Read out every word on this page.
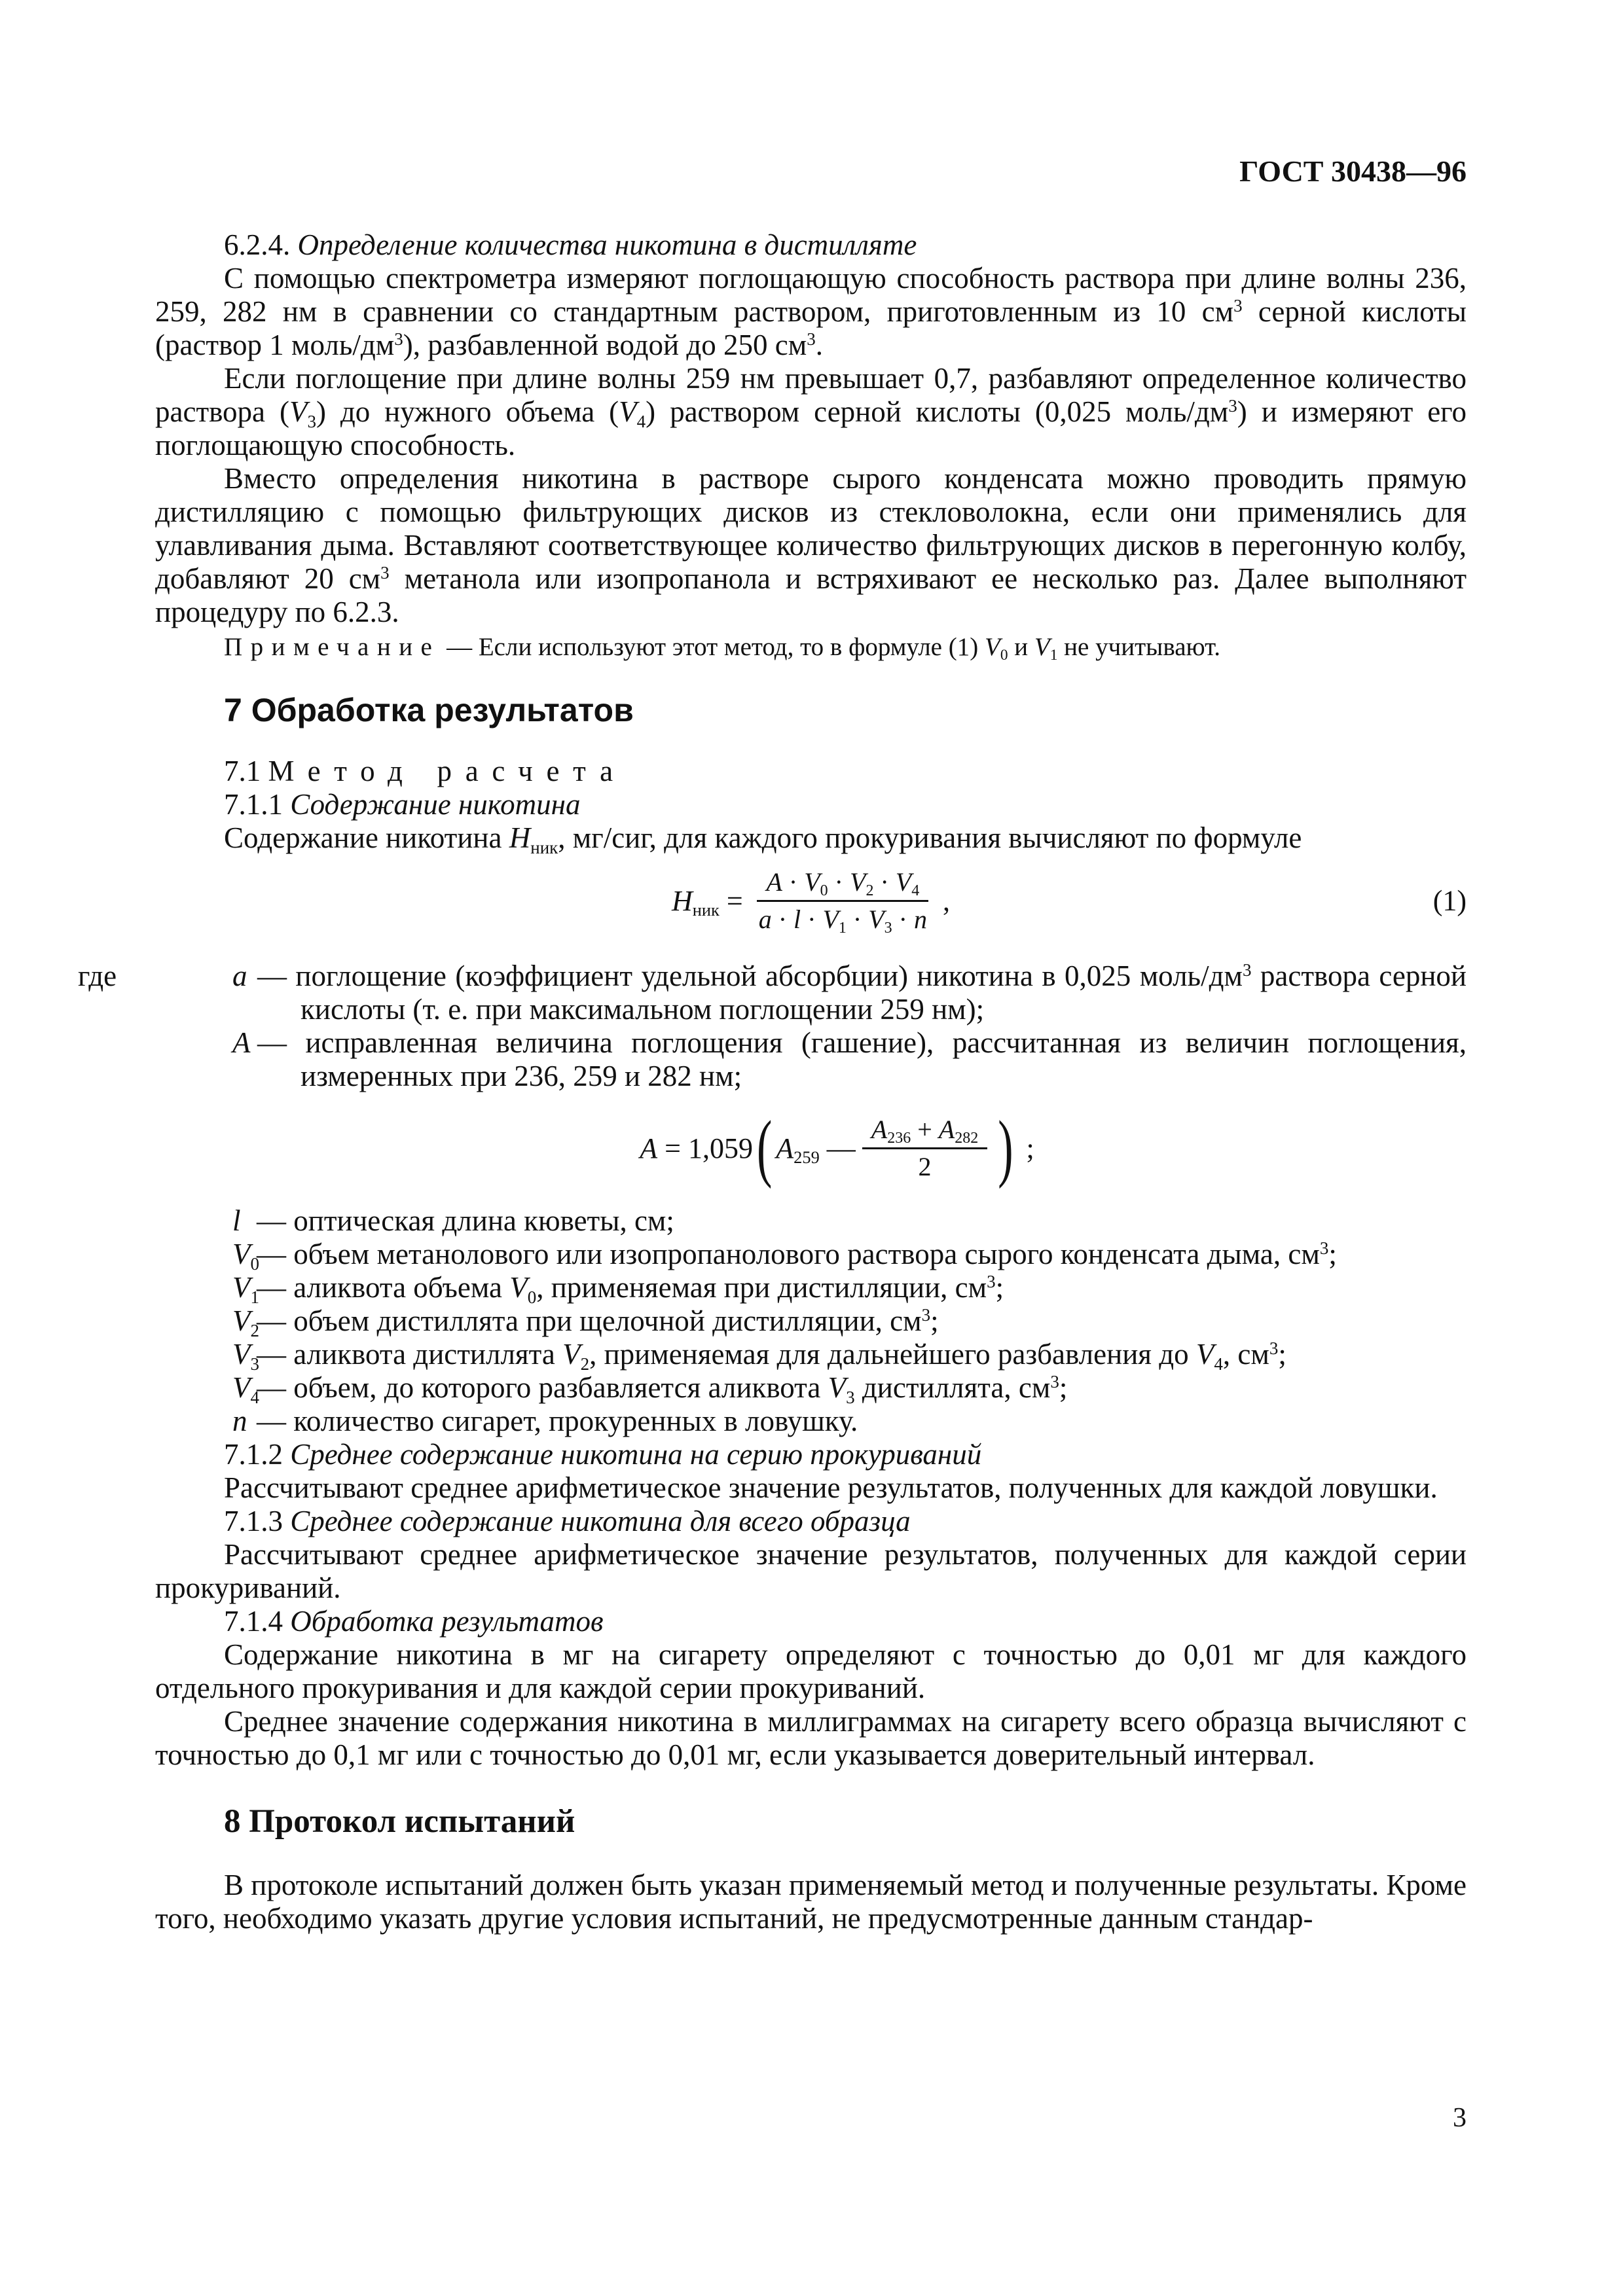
ГОСТ 30438—96

6.2.4. Определение количества никотина в дистилляте

С помощью спектрометра измеряют поглощающую способность раствора при длине волны 236, 259, 282 нм в сравнении со стандартным раствором, приготовленным из 10 $см^3$ серной кислоты (раствор 1 моль/$дм^3$), разбавленной водой до 250 $см^3$.

Если поглощение при длине волны 259 нм превышает 0,7, разбавляют определенное количество раствора $(V_3)$ до нужного объема $(V_4)$ раствором серной кислоты (0,025 моль/$дм^3$) и измеряют его поглощающую способность.

Вместо определения никотина в растворе сырого конденсата можно проводить прямую дистилляцию с помощью фильтрующих дисков из стекловолокна, если они применялись для улавливания дыма. Вставляют соответствующее количество фильтрующих дисков в перегонную колбу, добавляют 20 $см^3$ метанола или изопропанола и встряхивают ее несколько раз. Далее выполняют процедуру по 6.2.3.

Примечание — Если используют этот метод, то в формуле (1) $V_0$ и $V_1$ не учитывают.

7 Обработка результатов

7.1 Метод расчета

7.1.1 Содержание никотина

Содержание никотина $H_{ник}$, мг/сиг, для каждого прокуривания вычисляют по формуле

$H_{ник} = \frac{A \cdot V_0 \cdot V_2 \cdot V_4}{a \cdot l \cdot V_1 \cdot V_3 \cdot n}$ ,	(1)
где	a — поглощение (коэффициент удельной абсорбции) никотина в 0,025 моль/$дм^3$ раствора серной кислоты (т. е. при максимальном поглощении 259 нм);
A — исправленная величина поглощения (гашение), рассчитанная из величин поглощения, измеренных при 236, 259 и 282 нм;
A = 1,059 ( $A_{259}$ — $\frac{A_{236} + A_{282}}{2}$ ) ;
l — оптическая длина кюветы, см;
$V_0$
— объем метанолового или изопропанолового раствора сырого конденсата дыма, $см^3$;
$V_1$
— аликвота объема $V_0$, применяемая при дистилляции, $см^3$;
$V_2$
— объем дистиллята при щелочной дистилляции, $см^3$;
$V_3$
— аликвота дистиллята $V_2$, применяемая для дальнейшего разбавления до $V_4$, $см^3$;
$V_4$
— объем, до которого разбавляется аликвота $V_3$ дистиллята, $см^3$;
n — количество сигарет, прокуренных в ловушку.

7.1.2 Среднее содержание никотина на серию прокуриваний

Рассчитывают среднее арифметическое значение результатов, полученных для каждой ловушки.

7.1.3 Среднее содержание никотина для всего образца

Рассчитывают среднее арифметическое значение результатов, полученных для каждой серии прокуриваний.

7.1.4 Обработка результатов

Содержание никотина в мг на сигарету определяют с точностью до 0,01 мг для каждого отдельного прокуривания и для каждой серии прокуриваний.

Среднее значение содержания никотина в миллиграммах на сигарету всего образца вычисляют с точностью до 0,1 мг или с точностью до 0,01 мг, если указывается доверительный интервал.

8 Протокол испытаний

В протоколе испытаний должен быть указан применяемый метод и полученные результаты. Кроме того, необходимо указать другие условия испытаний, не предусмотренные данным стандар-

3
